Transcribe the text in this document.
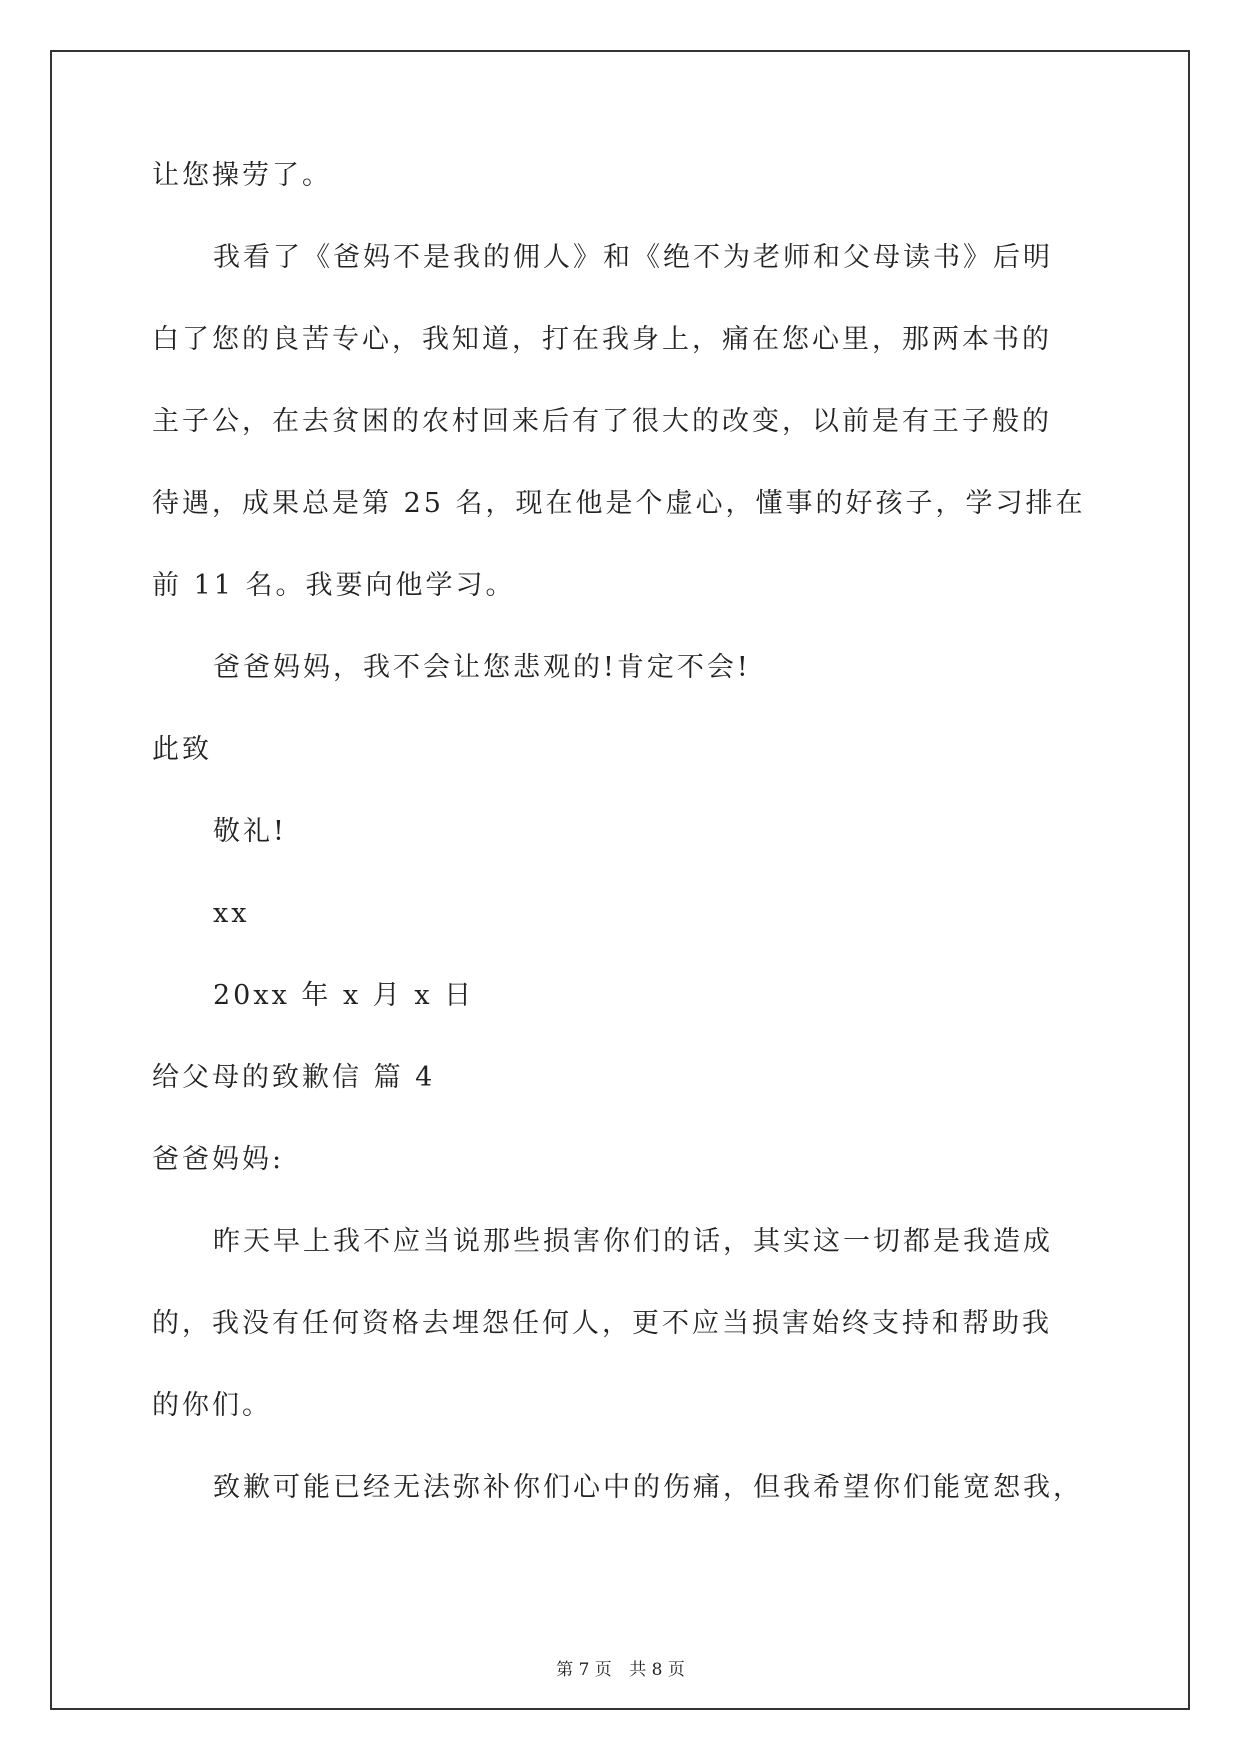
让您操劳了。
我看了《爸妈不是我的佣人》和《绝不为老师和父母读书》后明
白了您的良苦专心，我知道，打在我身上，痛在您心里，那两本书的
主子公，在去贫困的农村回来后有了很大的改变，以前是有王子般的
待遇，成果总是第 25 名，现在他是个虚心，懂事的好孩子，学习排在
前 11 名。我要向他学习。
爸爸妈妈，我不会让您悲观的!肯定不会!
此致
敬礼!
xx
20xx 年 x 月 x 日
给父母的致歉信 篇 4
爸爸妈妈:
昨天早上我不应当说那些损害你们的话，其实这一切都是我造成
的，我没有任何资格去埋怨任何人，更不应当损害始终支持和帮助我
的你们。
致歉可能已经无法弥补你们心中的伤痛，但我希望你们能宽恕我，
第 7 页 共 8 页
